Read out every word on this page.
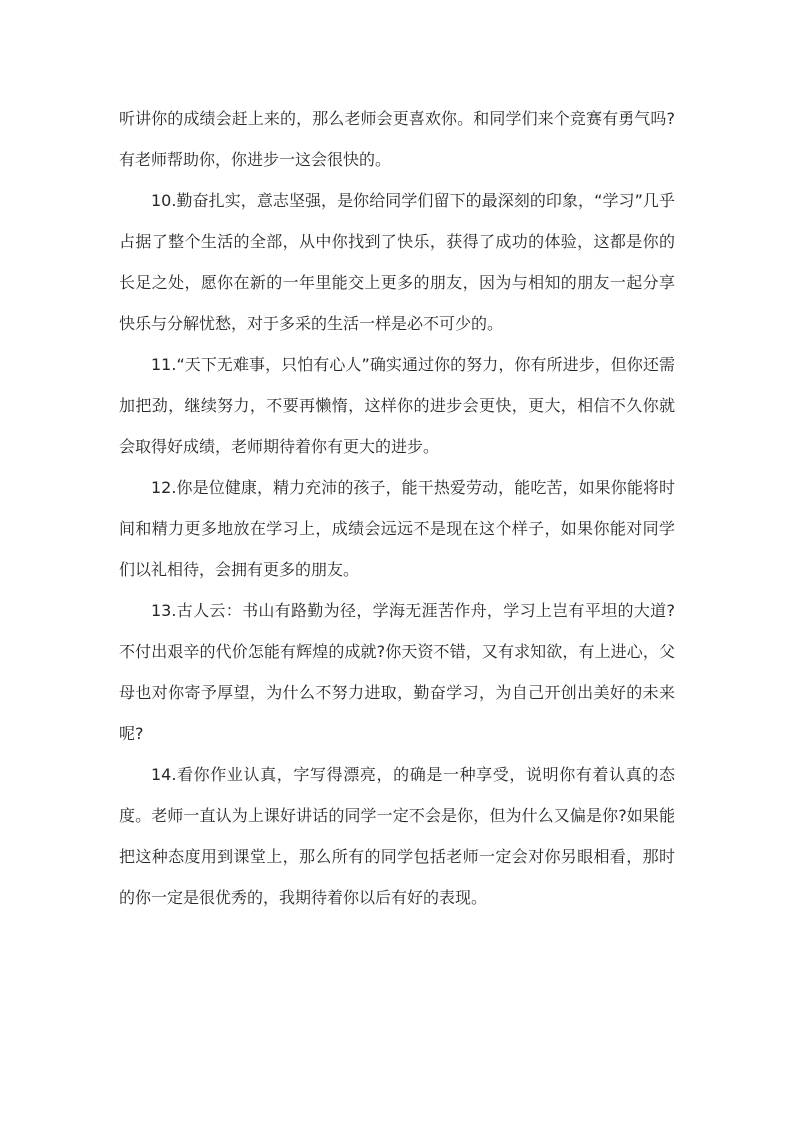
听讲你的成绩会赶上来的，那么老师会更喜欢你。和同学们来个竞赛有勇气吗?有老师帮助你，你进步一这会很快的。

10.勤奋扎实，意志坚强，是你给同学们留下的最深刻的印象，“学习”几乎占据了整个生活的全部，从中你找到了快乐，获得了成功的体验，这都是你的长足之处，愿你在新的一年里能交上更多的朋友，因为与相知的朋友一起分享快乐与分解忧愁，对于多采的生活一样是必不可少的。

11.“天下无难事，只怕有心人”确实通过你的努力，你有所进步，但你还需加把劲，继续努力，不要再懒惰，这样你的进步会更快，更大，相信不久你就会取得好成绩，老师期待着你有更大的进步。

12.你是位健康，精力充沛的孩子，能干热爱劳动，能吃苦，如果你能将时间和精力更多地放在学习上，成绩会远远不是现在这个样子，如果你能对同学们以礼相待，会拥有更多的朋友。

13.古人云：书山有路勤为径，学海无涯苦作舟，学习上岂有平坦的大道?不付出艰辛的代价怎能有辉煌的成就?你天资不错，又有求知欲，有上进心，父母也对你寄予厚望，为什么不努力进取，勤奋学习，为自己开创出美好的未来呢?

14.看你作业认真，字写得漂亮，的确是一种享受，说明你有着认真的态度。老师一直认为上课好讲话的同学一定不会是你，但为什么又偏是你?如果能把这种态度用到课堂上，那么所有的同学包括老师一定会对你另眼相看，那时的你一定是很优秀的，我期待着你以后有好的表现。
